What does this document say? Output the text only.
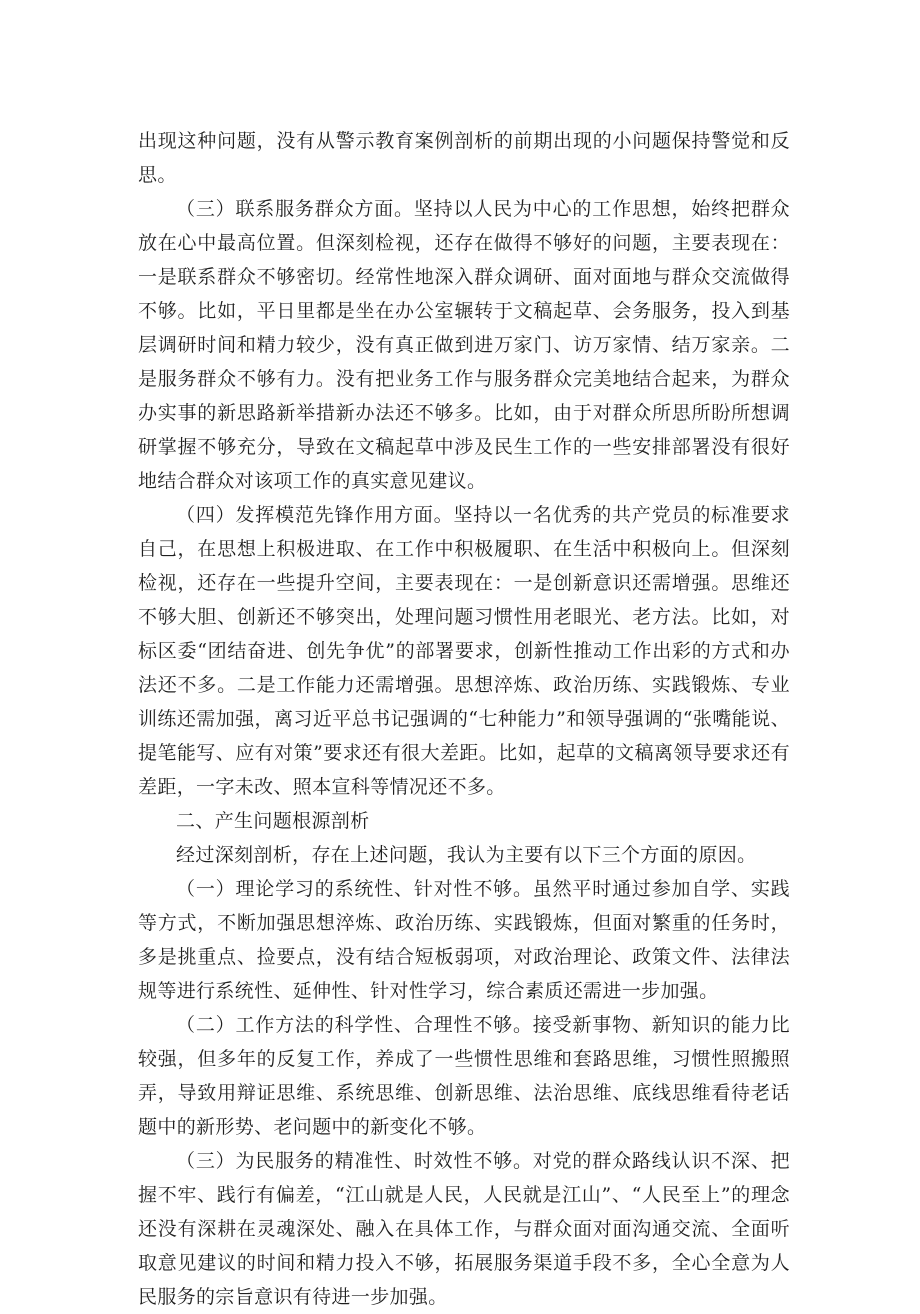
出现这种问题，没有从警示教育案例剖析的前期出现的小问题保持警觉和反思。

（三）联系服务群众方面。坚持以人民为中心的工作思想，始终把群众放在心中最高位置。但深刻检视，还存在做得不够好的问题，主要表现在：一是联系群众不够密切。经常性地深入群众调研、面对面地与群众交流做得不够。比如，平日里都是坐在办公室辗转于文稿起草、会务服务，投入到基层调研时间和精力较少，没有真正做到进万家门、访万家情、结万家亲。二是服务群众不够有力。没有把业务工作与服务群众完美地结合起来，为群众办实事的新思路新举措新办法还不够多。比如，由于对群众所思所盼所想调研掌握不够充分，导致在文稿起草中涉及民生工作的一些安排部署没有很好地结合群众对该项工作的真实意见建议。

（四）发挥模范先锋作用方面。坚持以一名优秀的共产党员的标准要求自己，在思想上积极进取、在工作中积极履职、在生活中积极向上。但深刻检视，还存在一些提升空间，主要表现在：一是创新意识还需增强。思维还不够大胆、创新还不够突出，处理问题习惯性用老眼光、老方法。比如，对标区委“团结奋进、创先争优”的部署要求，创新性推动工作出彩的方式和办法还不多。二是工作能力还需增强。思想淬炼、政治历练、实践锻炼、专业训练还需加强，离习近平总书记强调的“七种能力”和领导强调的“张嘴能说、提笔能写、应有对策”要求还有很大差距。比如，起草的文稿离领导要求还有差距，一字未改、照本宣科等情况还不多。

二、产生问题根源剖析

经过深刻剖析，存在上述问题，我认为主要有以下三个方面的原因。

（一）理论学习的系统性、针对性不够。虽然平时通过参加自学、实践等方式，不断加强思想淬炼、政治历练、实践锻炼，但面对繁重的任务时，多是挑重点、捡要点，没有结合短板弱项，对政治理论、政策文件、法律法规等进行系统性、延伸性、针对性学习，综合素质还需进一步加强。

（二）工作方法的科学性、合理性不够。接受新事物、新知识的能力比较强，但多年的反复工作，养成了一些惯性思维和套路思维，习惯性照搬照弄，导致用辩证思维、系统思维、创新思维、法治思维、底线思维看待老话题中的新形势、老问题中的新变化不够。

（三）为民服务的精准性、时效性不够。对党的群众路线认识不深、把握不牢、践行有偏差，“江山就是人民，人民就是江山”、“人民至上”的理念还没有深耕在灵魂深处、融入在具体工作，与群众面对面沟通交流、全面听取意见建议的时间和精力投入不够，拓展服务渠道手段不多，全心全意为人民服务的宗旨意识有待进一步加强。
